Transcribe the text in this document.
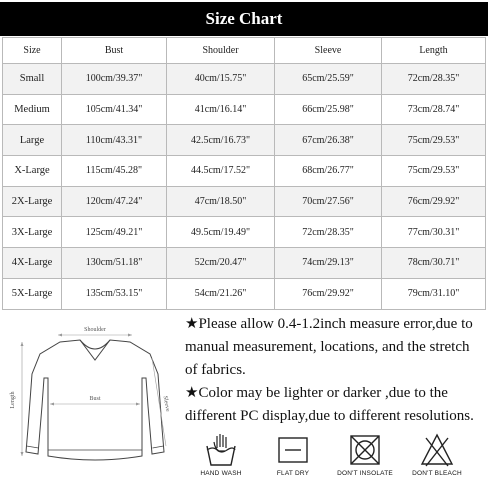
Size Chart
Size	Bust	Shoulder	Sleeve	Length
Small	100cm/39.37"	40cm/15.75"	65cm/25.59"	72cm/28.35"
Medium	105cm/41.34"	41cm/16.14"	66cm/25.98"	73cm/28.74"
Large	110cm/43.31"	42.5cm/16.73"	67cm/26.38"	75cm/29.53"
X-Large	115cm/45.28"	44.5cm/17.52"	68cm/26.77"	75cm/29.53"
2X-Large	120cm/47.24"	47cm/18.50"	70cm/27.56"	76cm/29.92"
3X-Large	125cm/49.21"	49.5cm/19.49"	72cm/28.35"	77cm/30.31"
4X-Large	130cm/51.18"	52cm/20.47"	74cm/29.13"	78cm/30.71"
5X-Large	135cm/53.15"	54cm/21.26"	76cm/29.92"	79cm/31.10"
Shoulder
Bust
Length	Sleeve

★Please allow 0.4-1.2inch measure error,due to manual measurement, locations, and the stretch of fabrics.

★Color may be lighter or darker ,due to the different PC display,due to different resolutions.

HAND WASH	FLAT DRY	DON'T INSOLATE	DON'T BLEACH
